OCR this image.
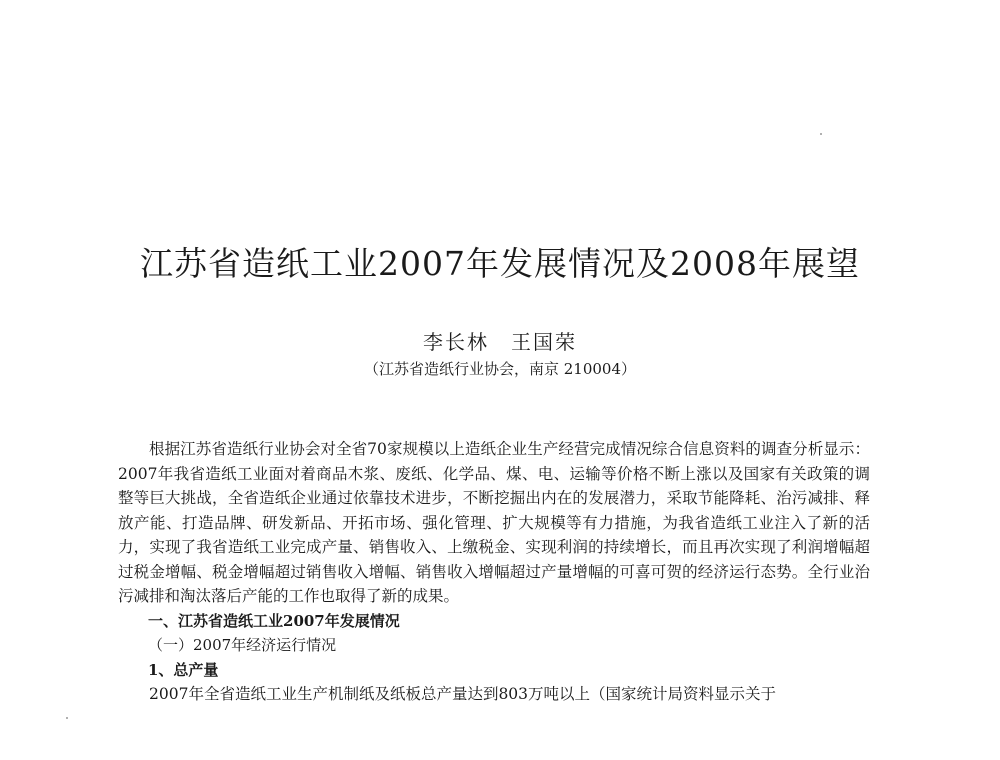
江苏省造纸工业2007年发展情况及2008年展望
李长林　王国荣
（江苏省造纸行业协会，南京 210004）

根据江苏省造纸行业协会对全省70家规模以上造纸企业生产经营完成情况综合信息资料的调查分析显示：2007年我省造纸工业面对着商品木浆、废纸、化学品、煤、电、运输等价格不断上涨以及国家有关政策的调整等巨大挑战，全省造纸企业通过依靠技术进步，不断挖掘出内在的发展潜力，采取节能降耗、治污减排、释放产能、打造品牌、研发新品、开拓市场、强化管理、扩大规模等有力措施，为我省造纸工业注入了新的活力，实现了我省造纸工业完成产量、销售收入、上缴税金、实现利润的持续增长，而且再次实现了利润增幅超过税金增幅、税金增幅超过销售收入增幅、销售收入增幅超过产量增幅的可喜可贺的经济运行态势。全行业治污减排和淘汰落后产能的工作也取得了新的成果。

一、江苏省造纸工业2007年发展情况

（一）2007年经济运行情况

1、总产量

2007年全省造纸工业生产机制纸及纸板总产量达到803万吨以上（国家统计局资料显示关于
